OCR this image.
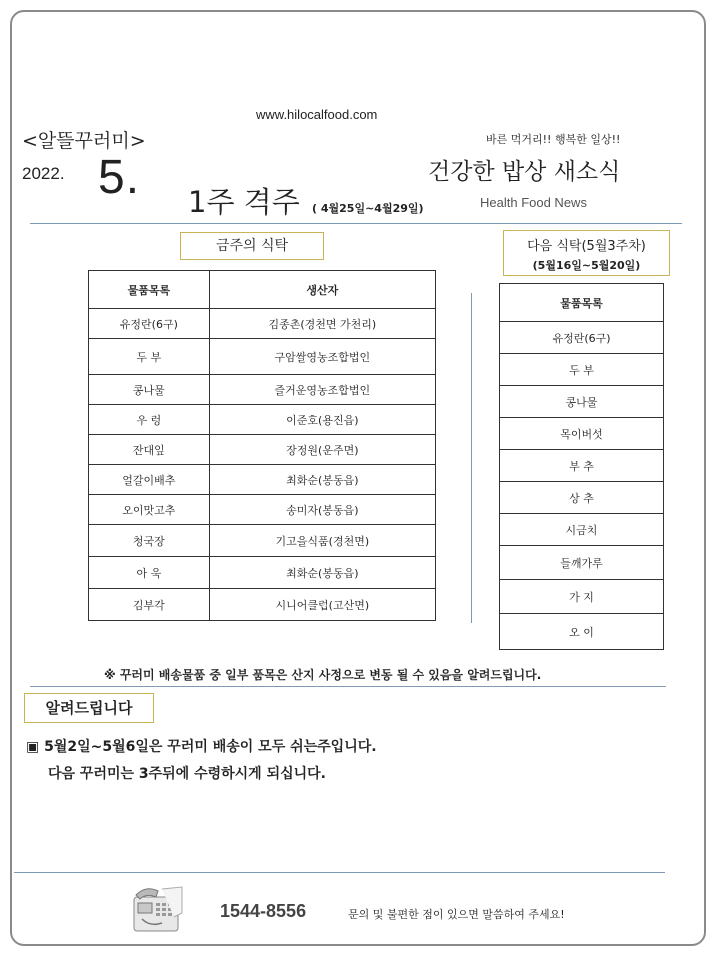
www.hilocalfood.com
<알뜰꾸러미>	바른 먹거리!! 행복한 일상!!
2022. 5. 1주 격주 ( 4월25일~4월29일)
건강한 밥상 새소식
Health Food News
금주의 식탁
물품목록	생산자
유정란(6구)	김종촌(경천면 가천리)
두 부	구암쌀영농조합법인
콩나물	즐거운영농조합법인
우 렁	이준호(용진읍)
잔대잎	장정원(운주면)
얼갈이배추	최화순(봉동읍)
오이맛고추	송미자(봉동읍)
청국장	기고을식품(경천면)
아 욱	최화순(봉동읍)
김부각	시니어클럽(고산면)
다음 식탁(5월3주차)
(5월16일~5월20일)
물품목록
유정란(6구)
두 부
콩나물
목이버섯
부 추
상 추
시금치
들깨가루
가 지
오 이
※ 꾸러미 배송물품 중 일부 품목은 산지 사정으로 변동 될 수 있음을 알려드립니다.
알려드립니다
▣ 5월2일~5월6일은 꾸러미 배송이 모두 쉬는주입니다.
다음 꾸러미는 3주뒤에 수령하시게 되십니다.
1544-8556	문의 및 불편한 점이 있으면 말씀하여 주세요!
